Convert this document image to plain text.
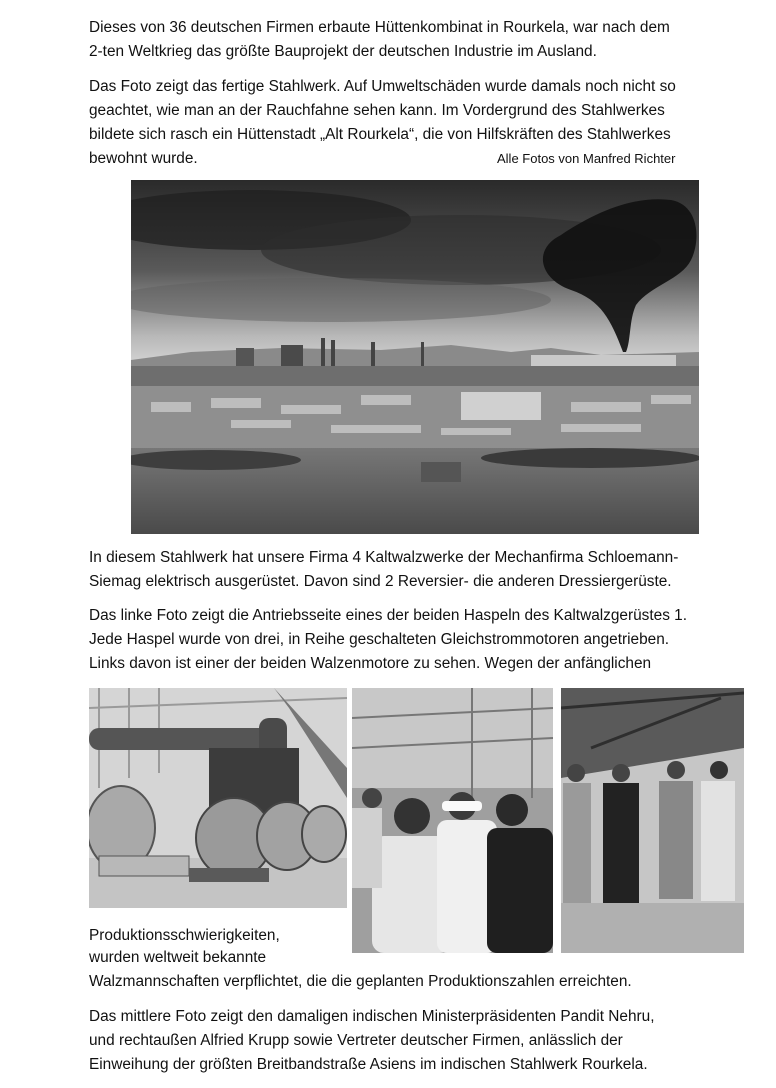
Dieses von 36 deutschen Firmen erbaute Hüttenkombinat in Rourkela, war nach dem
2-ten Weltkrieg das größte Bauprojekt der deutschen Industrie im Ausland.
Das Foto zeigt das fertige Stahlwerk. Auf Umweltschäden wurde damals noch nicht so
geachtet, wie man an der Rauchfahne sehen kann. Im Vordergrund des Stahlwerkes
bildete sich rasch ein Hüttenstadt „Alt Rourkela“, die von Hilfskräften des Stahlwerkes
bewohnt wurde.	Alle Fotos von Manfred Richter
In diesem Stahlwerk hat unsere Firma 4 Kaltwalzwerke der Mechanfirma Schloemann-
Siemag elektrisch ausgerüstet. Davon sind 2 Reversier- die anderen Dressiergerüste.
Das linke Foto zeigt die Antriebsseite eines der beiden Haspeln des Kaltwalzgerüstes 1.
Jede Haspel wurde von drei, in Reihe geschalteten Gleichstrommotoren angetrieben.
Links davon ist einer der beiden Walzenmotore zu sehen. Wegen der anfänglichen
Produktionsschwierigkeiten,
wurden weltweit bekannte
Walzmannschaften verpflichtet, die die geplanten Produktionszahlen erreichten.
Das mittlere Foto zeigt den damaligen indischen Ministerpräsidenten Pandit Nehru,
und rechtaußen Alfried Krupp sowie Vertreter deutscher Firmen, anlässlich der
Einweihung der größten Breitbandstraße Asiens im indischen Stahlwerk Rourkela.
